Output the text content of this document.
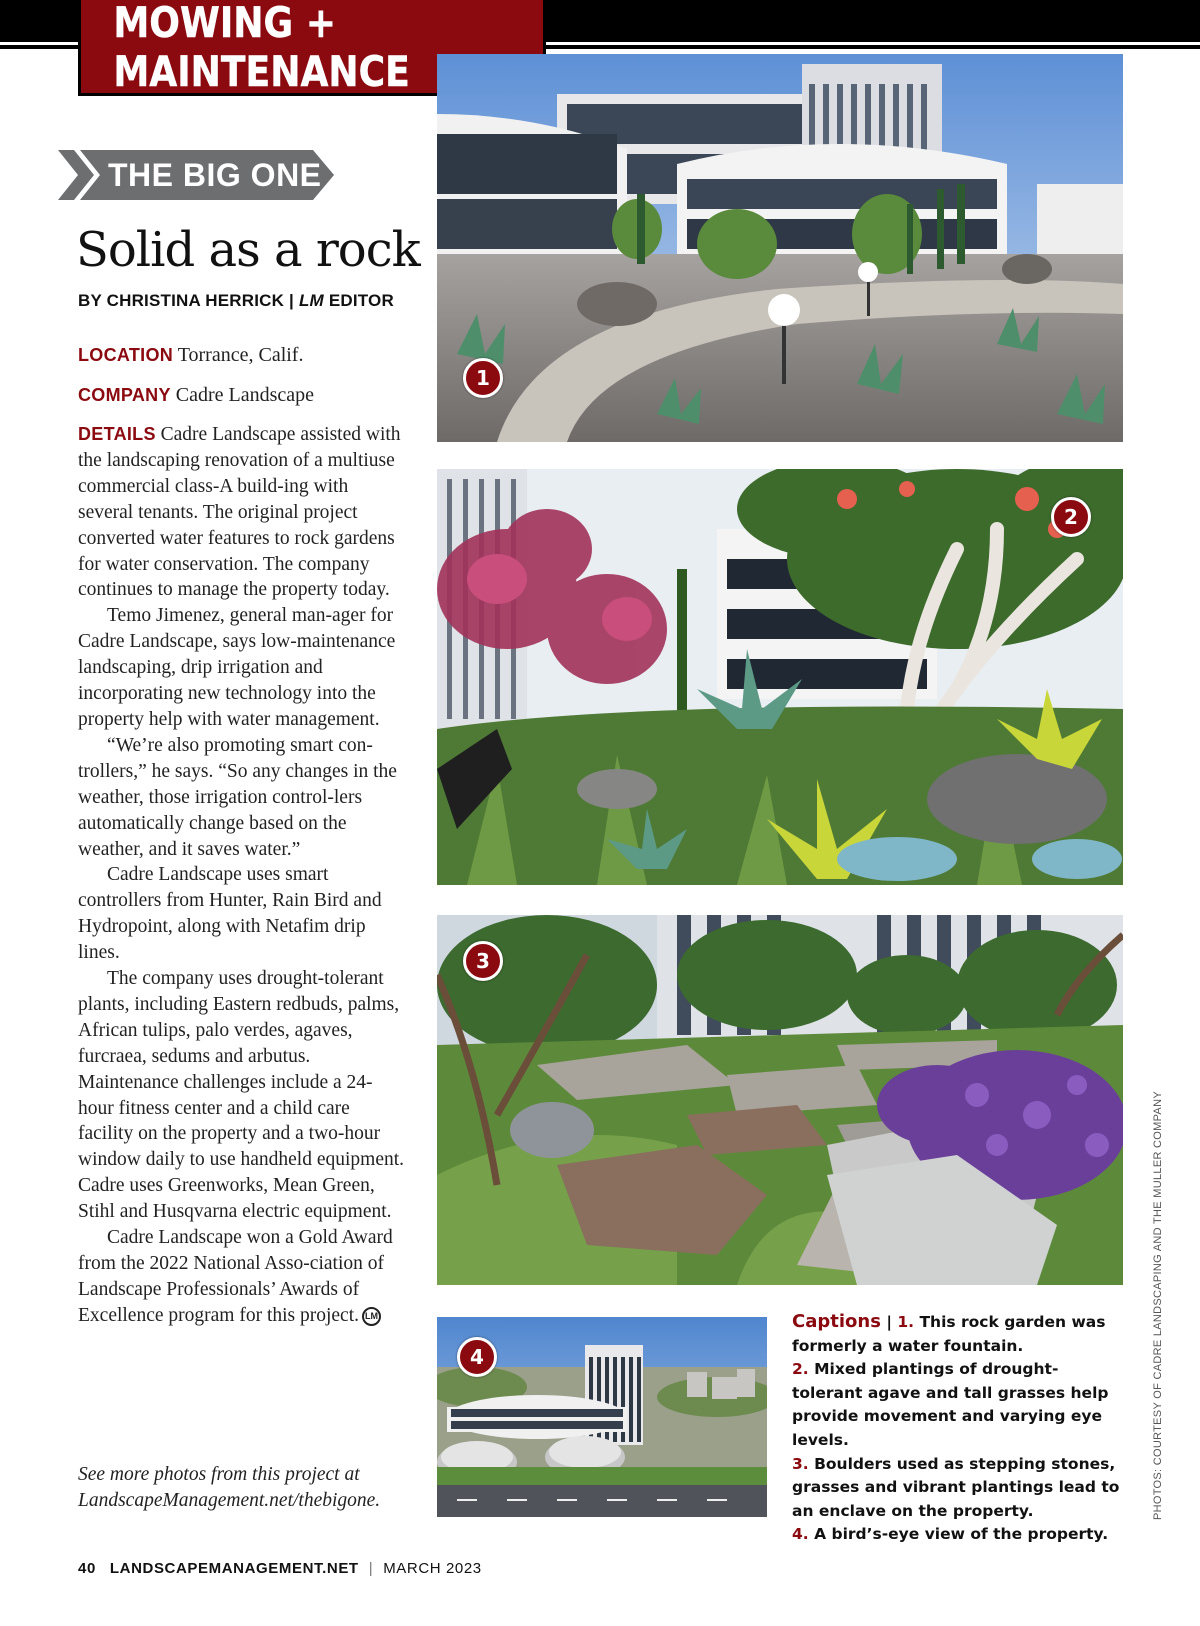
MOWING + MAINTENANCE
THE BIG ONE
Solid as a rock
BY CHRISTINA HERRICK | LM EDITOR
LOCATION Torrance, Calif.
COMPANY Cadre Landscape

DETAILS Cadre Landscape assisted with the landscaping renovation of a multiuse commercial class-A build-ing with several tenants. The original project converted water features to rock gardens for water conservation. The company continues to manage the property today.

Temo Jimenez, general man-ager for Cadre Landscape, says low-maintenance landscaping, drip irrigation and incorporating new technology into the property help with water management.

“We’re also promoting smart con-trollers,” he says. “So any changes in the weather, those irrigation control-lers automatically change based on the weather, and it saves water.”

Cadre Landscape uses smart controllers from Hunter, Rain Bird and Hydropoint, along with Netafim drip lines.

The company uses drought-tolerant plants, including Eastern redbuds, palms, African tulips, palo verdes, agaves, furcraea, sedums and arbutus. Maintenance challenges include a 24-hour fitness center and a child care facility on the property and a two-hour window daily to use handheld equipment. Cadre uses Greenworks, Mean Green, Stihl and Husqvarna electric equipment.

Cadre Landscape won a Gold Award from the 2022 National Asso-ciation of Landscape Professionals’ Awards of Excellence program for this project. LM

See more photos from this project at LandscapeManagement.net/thebigone.
1
2
3
4
Captions | 1. This rock garden was formerly a water fountain.
2. Mixed plantings of drought-tolerant agave and tall grasses help provide movement and varying eye levels.
3. Boulders used as stepping stones, grasses and vibrant plantings lead to an enclave on the property.
4. A bird’s-eye view of the property.
PHOTOS: COURTESY OF CADRE LANDSCAPING AND THE MULLER COMPANY
40 LANDSCAPEMANAGEMENT.NET | MARCH 2023
